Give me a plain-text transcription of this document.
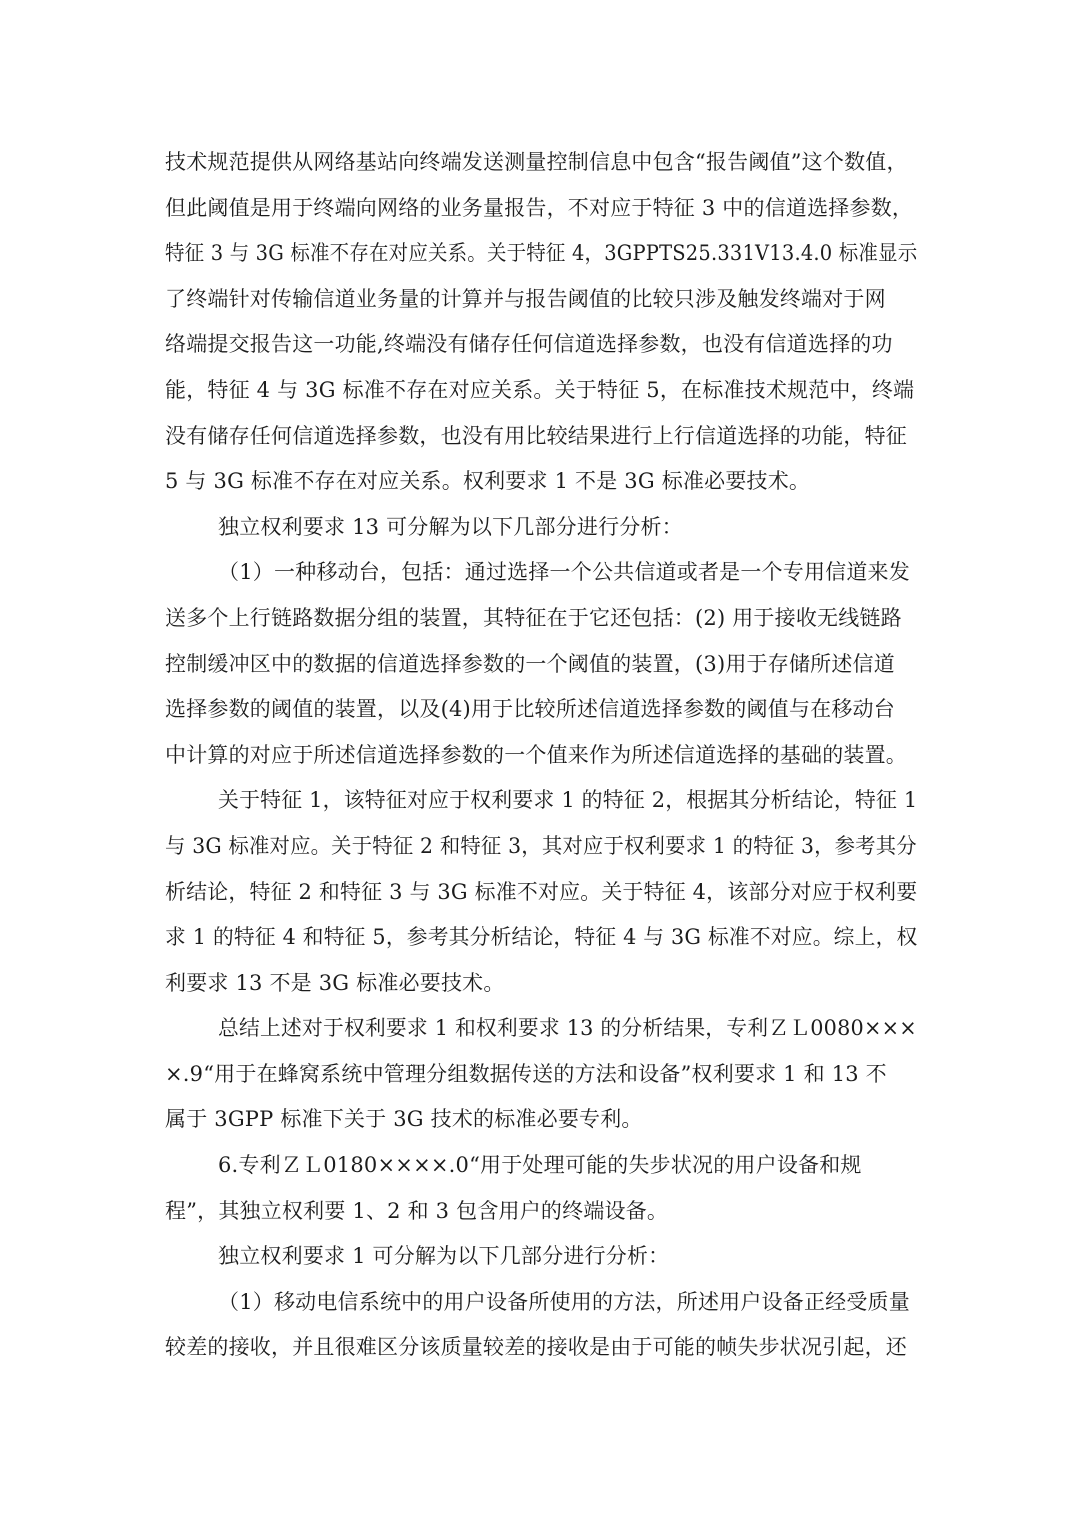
技术规范提供从网络基站向终端发送测量控制信息中包含“报告阈值”这个数值，
但此阈值是用于终端向网络的业务量报告，不对应于特征 3 中的信道选择参数，
特征 3 与 3G 标准不存在对应关系。关于特征 4，3GPPTS25.331V13.4.0 标准显示
了终端针对传输信道业务量的计算并与报告阈值的比较只涉及触发终端对于网
络端提交报告这一功能,终端没有储存任何信道选择参数，也没有信道选择的功
能，特征 4 与 3G 标准不存在对应关系。关于特征 5，在标准技术规范中，终端
没有储存任何信道选择参数，也没有用比较结果进行上行信道选择的功能，特征
5 与 3G 标准不存在对应关系。权利要求 1 不是 3G 标准必要技术。
独立权利要求 13 可分解为以下几部分进行分析：
（1）一种移动台，包括：通过选择一个公共信道或者是一个专用信道来发
送多个上行链路数据分组的装置，其特征在于它还包括：(2) 用于接收无线链路
控制缓冲区中的数据的信道选择参数的一个阈值的装置，(3)用于存储所述信道
选择参数的阈值的装置，以及(4)用于比较所述信道选择参数的阈值与在移动台
中计算的对应于所述信道选择参数的一个值来作为所述信道选择的基础的装置。
关于特征 1，该特征对应于权利要求 1 的特征 2，根据其分析结论，特征 1
与 3G 标准对应。关于特征 2 和特征 3，其对应于权利要求 1 的特征 3，参考其分
析结论，特征 2 和特征 3 与 3G 标准不对应。关于特征 4，该部分对应于权利要
求 1 的特征 4 和特征 5，参考其分析结论，特征 4 与 3G 标准不对应。综上，权
利要求 13 不是 3G 标准必要技术。
总结上述对于权利要求 1 和权利要求 13 的分析结果，专利ＺＬ0080×××
×.9“用于在蜂窝系统中管理分组数据传送的方法和设备”权利要求 1 和 13 不
属于 3GPP 标准下关于 3G 技术的标准必要专利。
6.专利ＺＬ0180××××.0“用于处理可能的失步状况的用户设备和规
程”，其独立权利要 1、2 和 3 包含用户的终端设备。
独立权利要求 1 可分解为以下几部分进行分析：
（1）移动电信系统中的用户设备所使用的方法，所述用户设备正经受质量
较差的接收，并且很难区分该质量较差的接收是由于可能的帧失步状况引起，还
